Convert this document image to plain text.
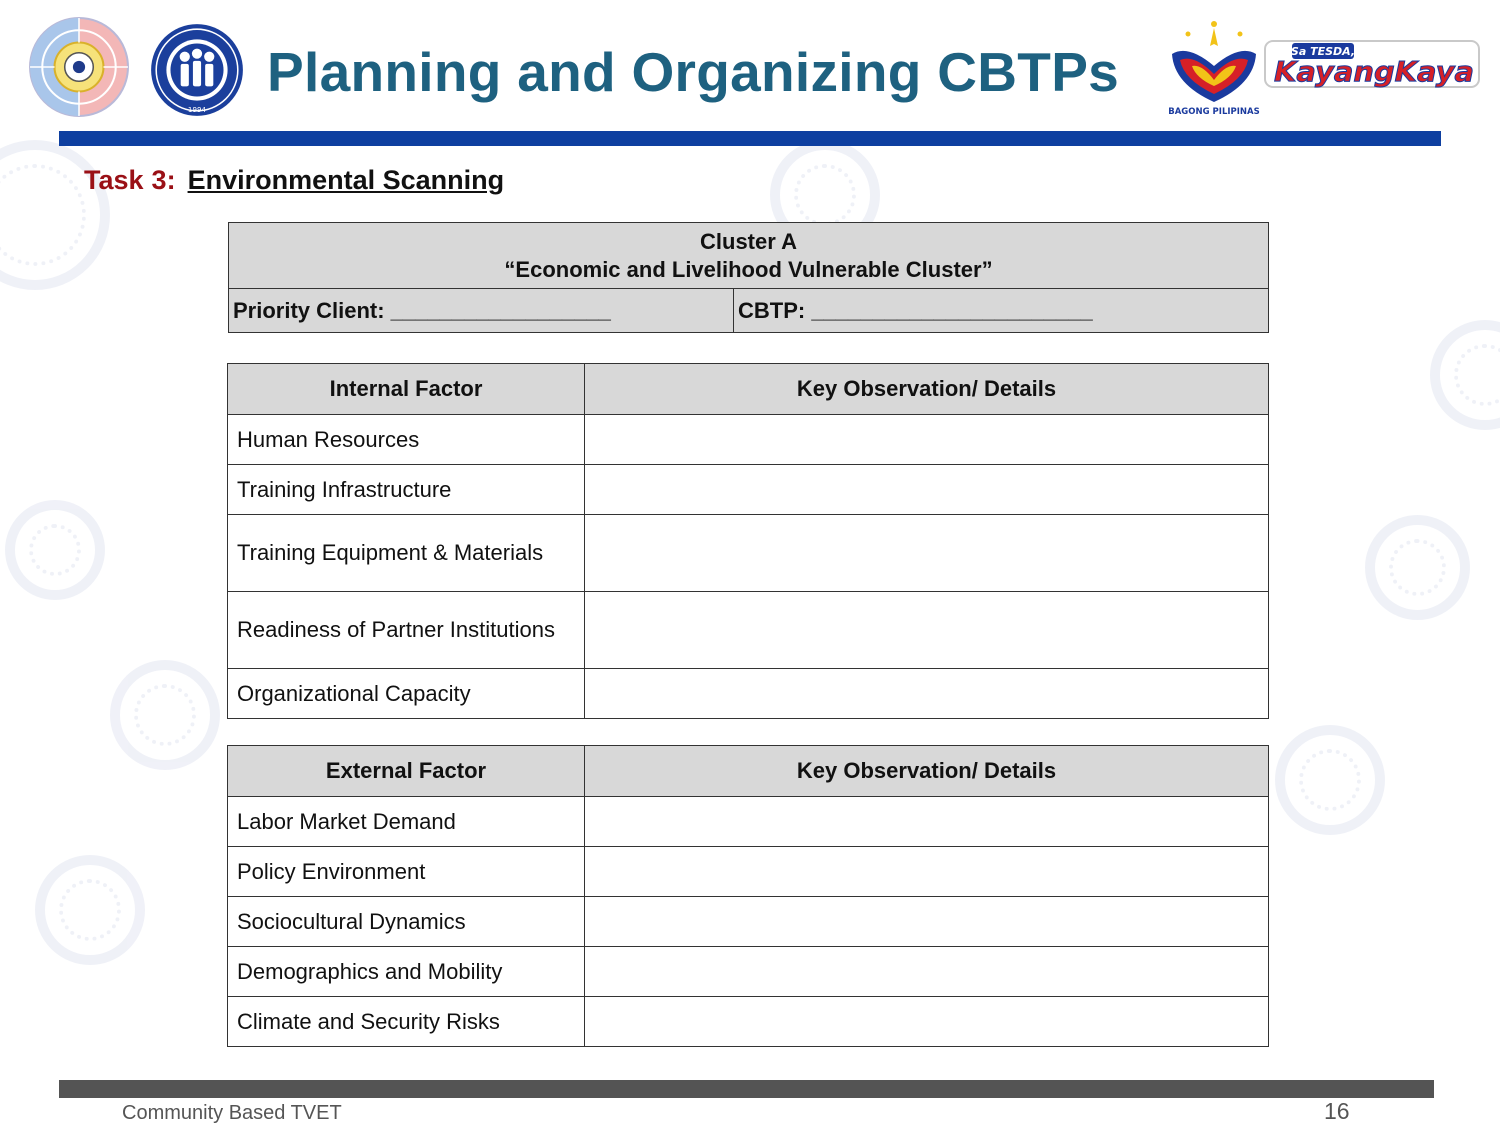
1994	BAGONG PILIPINAS
Sa TESDA,
KayangKaya
Planning and Organizing CBTPs
Task 3: Environmental Scanning
Cluster A
“Economic and Livelihood Vulnerable Cluster”

Priority Client: __________________	CBTP: _______________________
Internal Factor	Key Observation/ Details
Human Resources	
Training Infrastructure	
Training Equipment & Materials	
Readiness of Partner Institutions	
Organizational Capacity	
External Factor	Key Observation/ Details
Labor Market Demand	
Policy Environment	
Sociocultural Dynamics	
Demographics and Mobility	
Climate and Security Risks	
Community Based TVET	16
